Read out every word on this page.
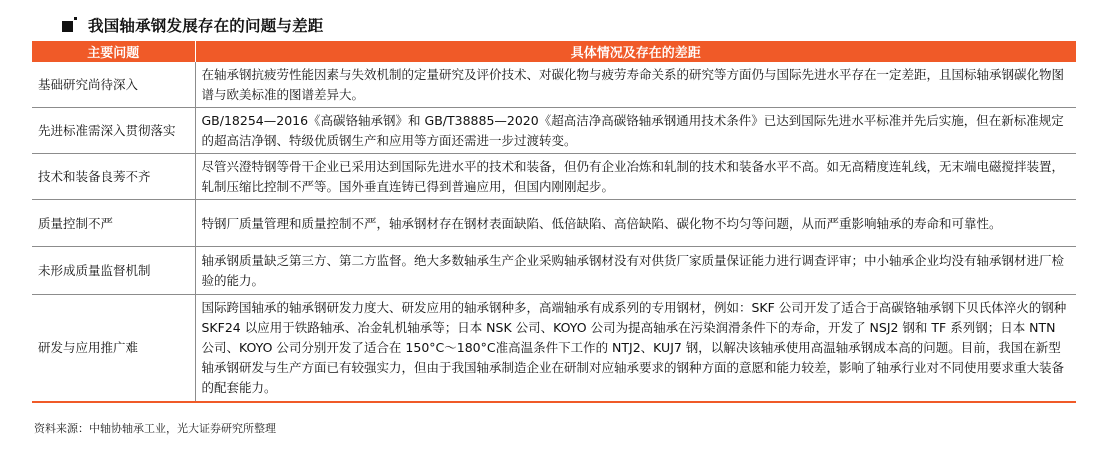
我国轴承钢发展存在的问题与差距
主要问题	具体情况及存在的差距
基础研究尚待深入	在轴承钢抗疲劳性能因素与失效机制的定量研究及评价技术、对碳化物与疲劳寿命关系的研究等方面仍与国际先进水平存在一定差距，且国标轴承钢碳化物图谱与欧美标准的图谱差异大。
先进标准需深入贯彻落实	GB/18254—2016《高碳铬轴承钢》和 GB/T38885—2020《超高洁净高碳铬轴承钢通用技术条件》已达到国际先进水平标准并先后实施，但在新标准规定的超高洁净钢、特级优质钢生产和应用等方面还需进一步过渡转变。
技术和装备良莠不齐	尽管兴澄特钢等骨干企业已采用达到国际先进水平的技术和装备，但仍有企业冶炼和轧制的技术和装备水平不高。如无高精度连轧线，无末端电磁搅拌装置，轧制压缩比控制不严等。国外垂直连铸已得到普遍应用，但国内刚刚起步。
质量控制不严	特钢厂质量管理和质量控制不严，轴承钢材存在钢材表面缺陷、低倍缺陷、高倍缺陷、碳化物不均匀等问题，从而严重影响轴承的寿命和可靠性。
未形成质量监督机制	轴承钢质量缺乏第三方、第二方监督。绝大多数轴承生产企业采购轴承钢材没有对供货厂家质量保证能力进行调查评审；中小轴承企业均没有轴承钢材进厂检验的能力。
研发与应用推广难	国际跨国轴承的轴承钢研发力度大、研发应用的轴承钢种多，高端轴承有成系列的专用钢材，例如：SKF 公司开发了适合于高碳铬轴承钢下贝氏体淬火的钢种 SKF24 以应用于铁路轴承、冶金轧机轴承等；日本 NSK 公司、KOYO 公司为提高轴承在污染润滑条件下的寿命，开发了 NSJ2 钢和 TF 系列钢；日本 NTN 公司、KOYO 公司分别开发了适合在 150°C～180°C准高温条件下工作的 NTJ2、KUJ7 钢，以解决该轴承使用高温轴承钢成本高的问题。目前，我国在新型轴承钢研发与生产方面已有较强实力，但由于我国轴承制造企业在研制对应轴承要求的钢种方面的意愿和能力较差，影响了轴承行业对不同使用要求重大装备的配套能力。
资料来源：中轴协轴承工业，光大证券研究所整理
